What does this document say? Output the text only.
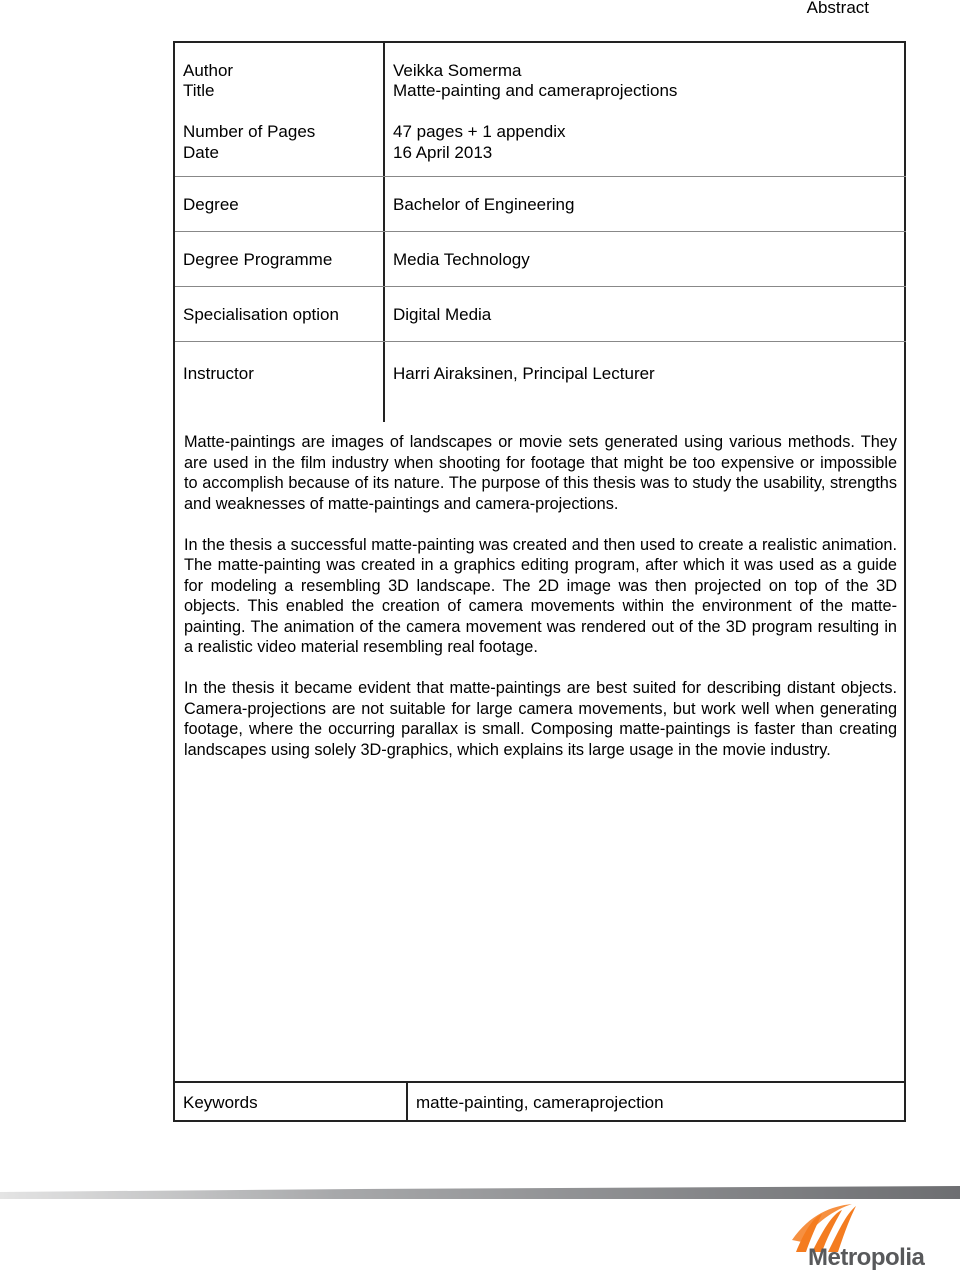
Abstract
Author	Veikka Somerma
Title	Matte-painting and cameraprojections
Number of Pages	47 pages + 1 appendix
Date	16 April 2013
Degree	Bachelor of Engineering
Degree Programme	Media Technology
Specialisation option	Digital Media
Instructor	Harri Airaksinen, Principal Lecturer

Matte-paintings are images of landscapes or movie sets generated using various methods. They are used in the film industry when shooting for footage that might be too expensive or impossible to accomplish because of its nature. The purpose of this thesis was to study the usability, strengths and weaknesses of matte-paintings and camera-projections.

In the thesis a successful matte-painting was created and then used to create a realistic animation. The matte-painting was created in a graphics editing program, after which it was used as a guide for modeling a resembling 3D landscape. The 2D image was then projected on top of the 3D objects. This enabled the creation of camera movements within the environment of the matte-painting. The animation of the camera movement was rendered out of the 3D program resulting in a realistic video material resembling real footage.

In the thesis it became evident that matte-paintings are best suited for describing distant objects. Camera-projections are not suitable for large camera movements, but work well when generating footage, where the occurring parallax is small. Composing matte-paintings is faster than creating landscapes using solely 3D-graphics, which explains its large usage in the movie industry.

Keywords	matte-painting, cameraprojection
Metropolia
